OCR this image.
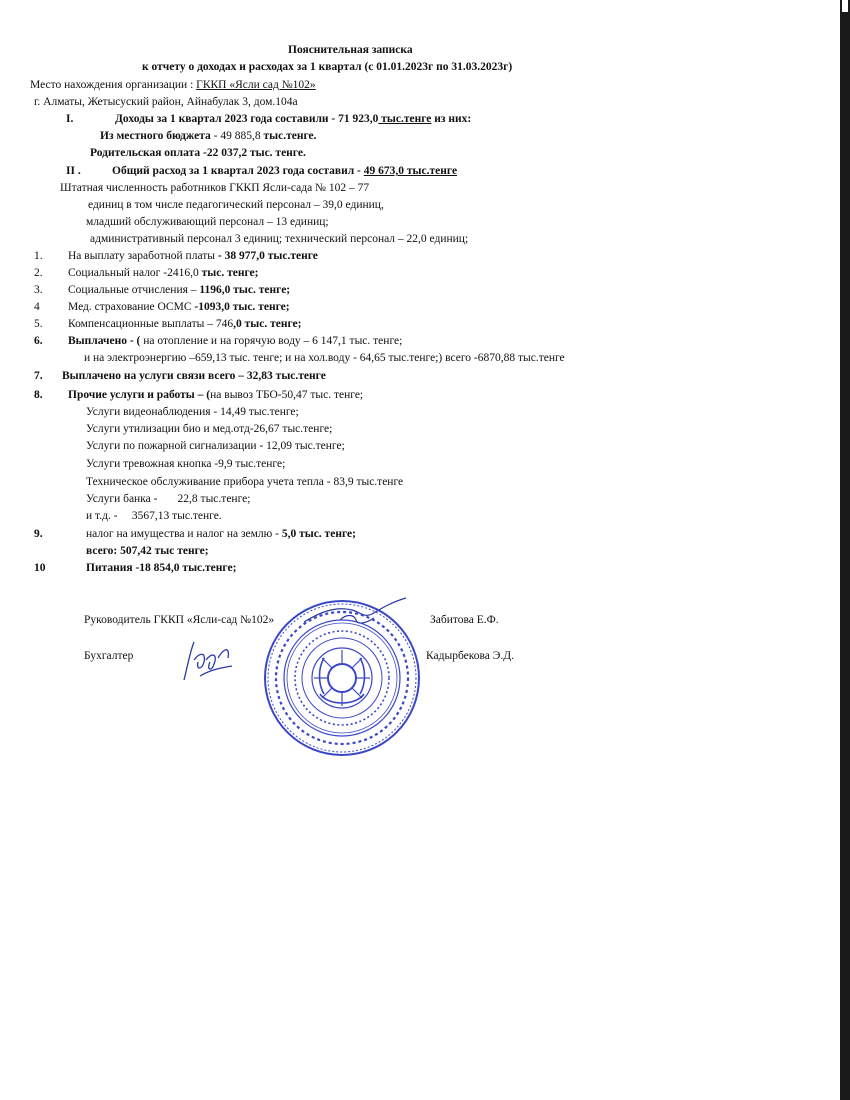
Пояснительная записка
к отчету о доходах и расходах за 1 квартал (с 01.01.2023г по 31.03.2023г)
Место нахождения организации : ГККП «Ясли сад №102»
г. Алматы, Жетысуский район, Айнабулак 3, дом.104а
I.	Доходы за 1 квартал 2023 года составили - 71 923,0 тыс.тенге из них:
Из местного бюджета - 49 885,8 тыс.тенге.
Родительская оплата -22 037,2 тыс. тенге.
II .	Общий расход за 1 квартал 2023 года составил - 49 673,0 тыс.тенге
Штатная численность работников ГККП Ясли-сада № 102 – 77
единиц в том числе педагогический персонал – 39,0 единиц,
младший обслуживающий персонал – 13 единиц;
административный персонал 3 единиц; технический персонал – 22,0 единиц;
1. На выплату заработной платы - 38 977,0 тыс.тенге
2. Социальный налог -2416,0 тыс. тенге;
3. Социальные отчисления – 1196,0 тыс. тенге;
4 Мед. страхование ОСМС -1093,0 тыс. тенге;
5. Компенсационные выплаты – 746,0 тыс. тенге;
6. Выплачено - ( на отопление и на горячую воду – 6 147,1 тыс. тенге;
и на электроэнергию –659,13 тыс. тенге; и на хол.воду - 64,65 тыс.тенге;) всего -6870,88 тыс.тенге
7. Выплачено на услуги связи всего – 32,83 тыс.тенге
8. Прочие услуги и работы – (на вывоз ТБО-50,47 тыс. тенге;
Услуги видеонаблюдения - 14,49 тыс.тенге;
Услуги утилизации био и мед.отд-26,67 тыс.тенге;
Услуги по пожарной сигнализации - 12,09 тыс.тенге;
Услуги тревожная кнопка -9,9 тыс.тенге;
Техническое обслуживание прибора учета тепла - 83,9 тыс.тенге
Услуги банка -       22,8 тыс.тенге;
и т.д. -     3567,13 тыс.тенге.
9.	налог на имущества и налог на землю - 5,0 тыс. тенге;
всего: 507,42 тыс тенге;
10	Питания -18 854,0 тыс.тенге;
Руководитель ГККП «Ясли-сад №102»	Забитова Е.Ф.
Бухгалтер	Кадырбекова Э.Д.
